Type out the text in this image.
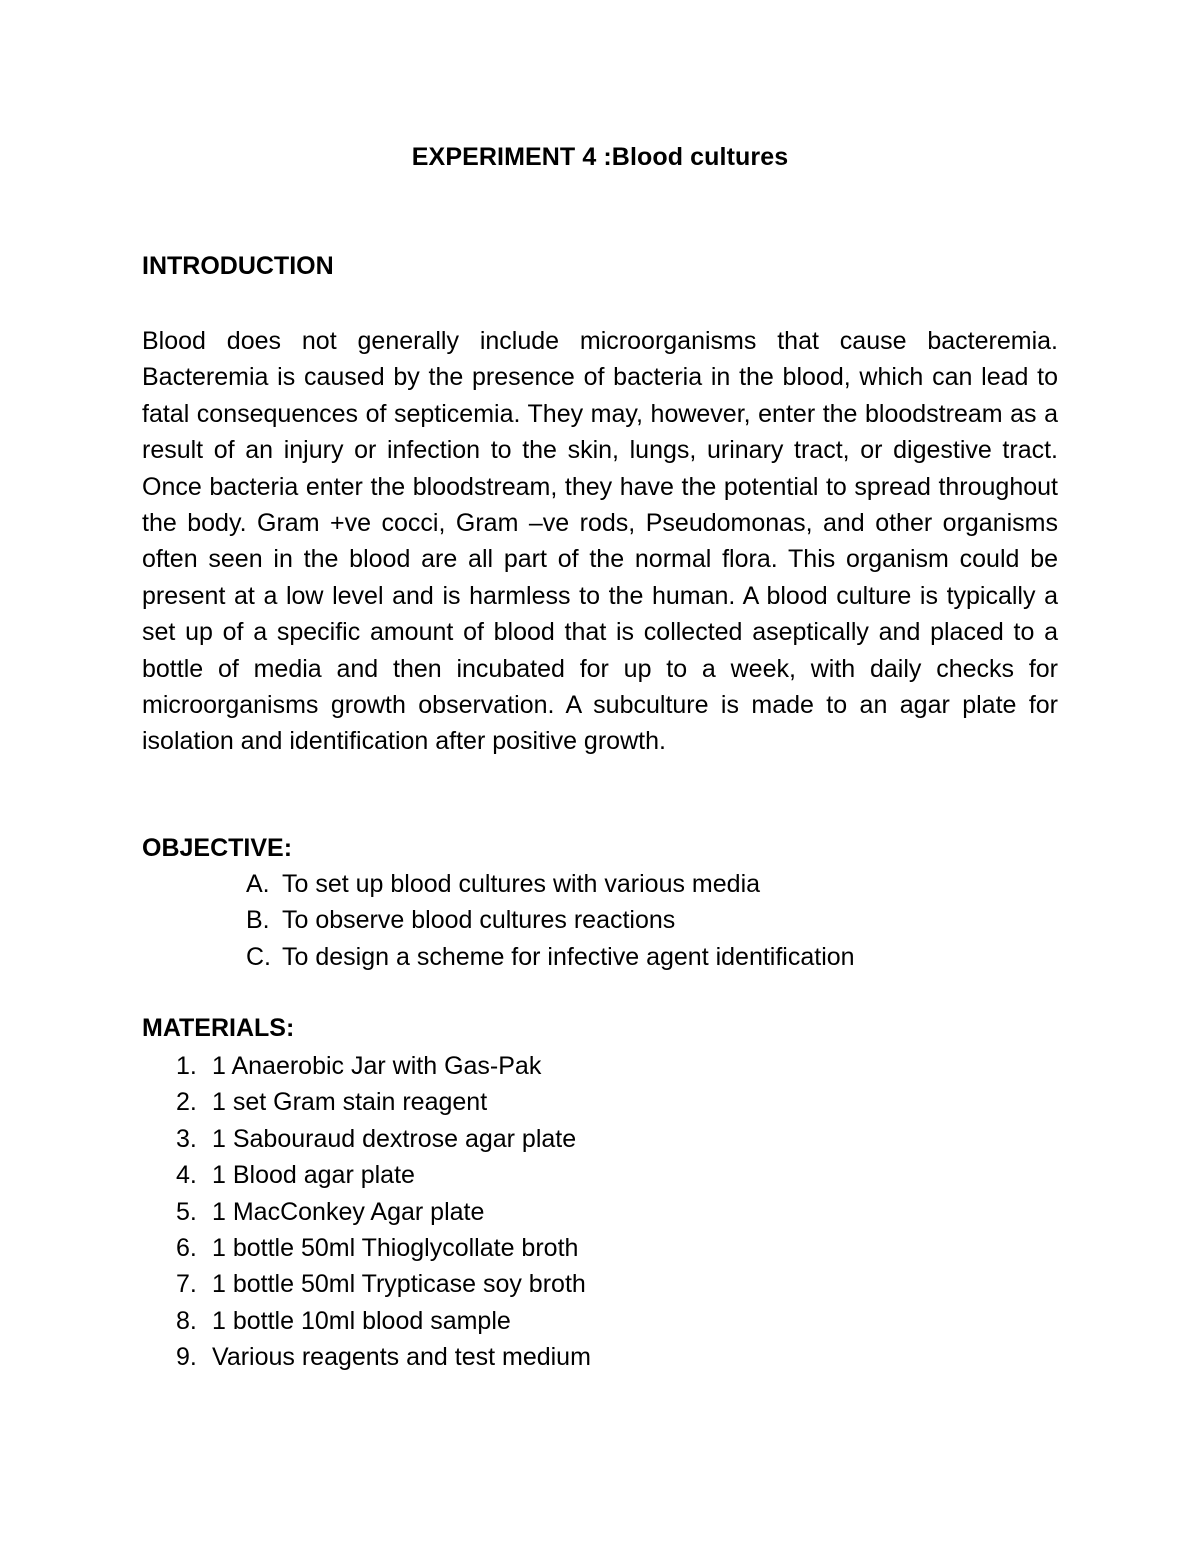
EXPERIMENT 4 :Blood cultures
INTRODUCTION

Blood does not generally include microorganisms that cause bacteremia. Bacteremia is caused by the presence of bacteria in the blood, which can lead to fatal consequences of septicemia. They may, however, enter the bloodstream as a result of an injury or infection to the skin, lungs, urinary tract, or digestive tract. Once bacteria enter the bloodstream, they have the potential to spread throughout the body. Gram +ve cocci, Gram –ve rods, Pseudomonas, and other organisms often seen in the blood are all part of the normal flora. This organism could be present at a low level and is harmless to the human. A blood culture is typically a set up of a specific amount of blood that is collected aseptically and placed to a bottle of media and then incubated for up to a week, with daily checks for microorganisms growth observation. A subculture is made to an agar plate for isolation and identification after positive growth.

OBJECTIVE:
A. To set up blood cultures with various media
B. To observe blood cultures reactions
C. To design a scheme for infective agent identification
MATERIALS:
1. 1 Anaerobic Jar with Gas-Pak
2. 1 set Gram stain reagent
3. 1 Sabouraud dextrose agar plate
4. 1 Blood agar plate
5. 1 MacConkey Agar plate
6. 1 bottle 50ml Thioglycollate broth
7. 1 bottle 50ml Trypticase soy broth
8. 1 bottle 10ml blood sample
9. Various reagents and test medium
